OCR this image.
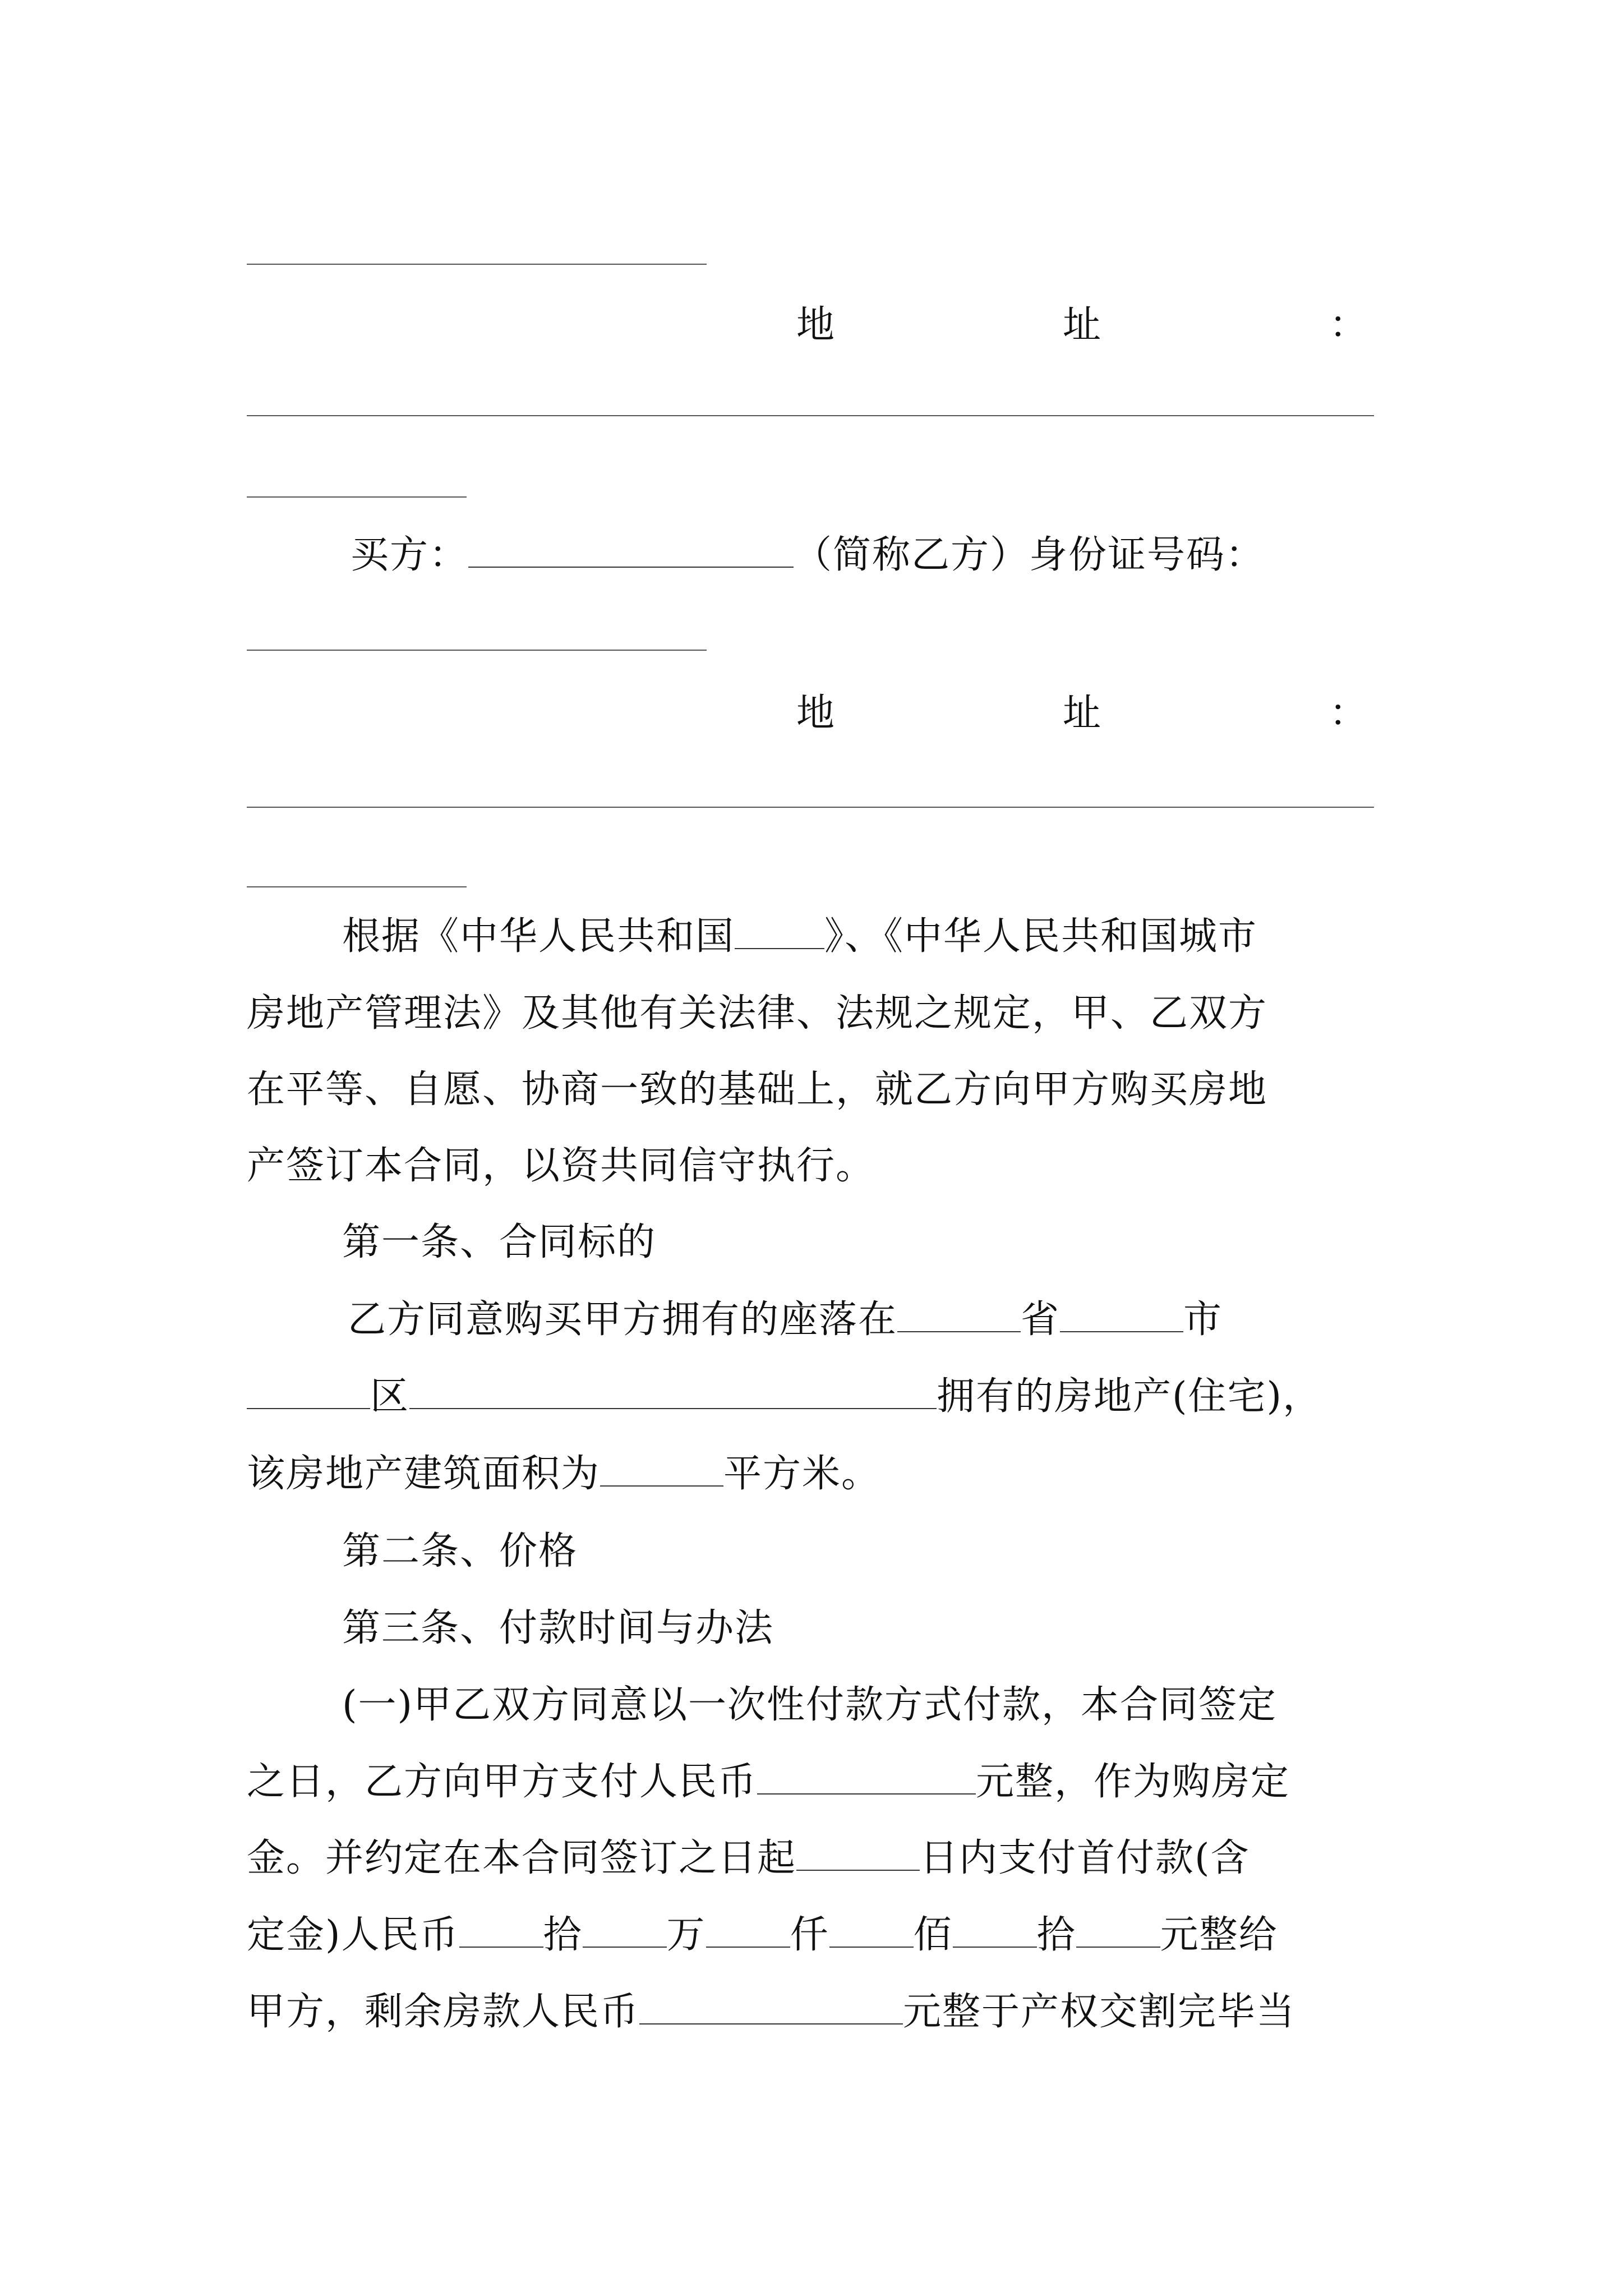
地	址	：
买方：	（简称乙方）身份证号码：
地	址	：
根据《中华人民共和国 》、《中华人民共和国城市
房地产管理法》及其他有关法律、法规之规定，甲、乙双方
在平等、自愿、协商一致的基础上，就乙方向甲方购买房地
产签订本合同，以资共同信守执行。
第一条、合同标的
乙方同意购买甲方拥有的座落在	省	市
区	拥有的房地产(住宅)，
该房地产建筑面积为	平方米。
第二条、价格
第三条、付款时间与办法
(一)甲乙双方同意以一次性付款方式付款，本合同签定
之日，乙方向甲方支付人民币	元整，作为购房定
金。并约定在本合同签订之日起	日内支付首付款(含
定金)人民币 拾 万 仟 佰 拾 元整给
甲方，剩余房款人民币	元整于产权交割完毕当
